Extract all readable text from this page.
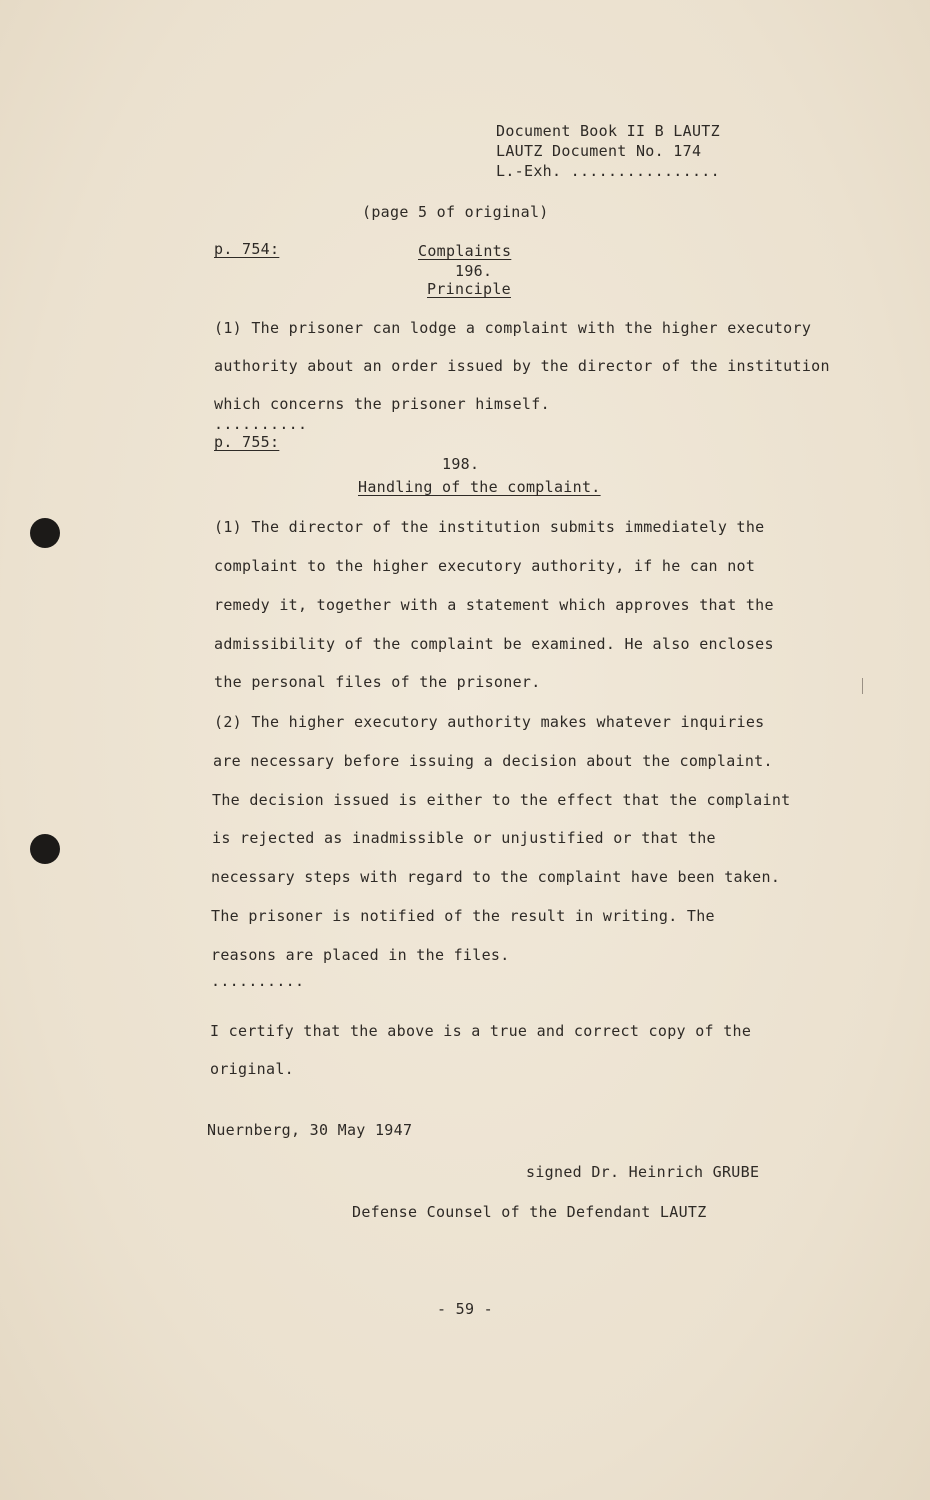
Document Book II B LAUTZ
LAUTZ Document No. 174
L.-Exh. ................
(page 5 of original)
p. 754:	Complaints
196.
Principle
(1) The prisoner can lodge a complaint with the higher executory
authority about an order issued by the director of the institution
which concerns the prisoner himself.
..........
p. 755:
198.
Handling of the complaint.
(1) The director of the institution submits immediately the
complaint to the higher executory authority, if he can not
remedy it, together with a statement which approves that the
admissibility of the complaint be examined. He also encloses
the personal files of the prisoner.
(2) The higher executory authority makes whatever inquiries
are necessary before issuing a decision about the complaint.
The decision issued is either to the effect that the complaint
is rejected as inadmissible or unjustified or that the
necessary steps with regard to the complaint have been taken.
The prisoner is notified of the result in writing. The
reasons are placed in the files.
..........
I certify that the above is a true and correct copy of the
original.
Nuernberg, 30 May 1947
signed Dr. Heinrich GRUBE
Defense Counsel of the Defendant LAUTZ
- 59 -
